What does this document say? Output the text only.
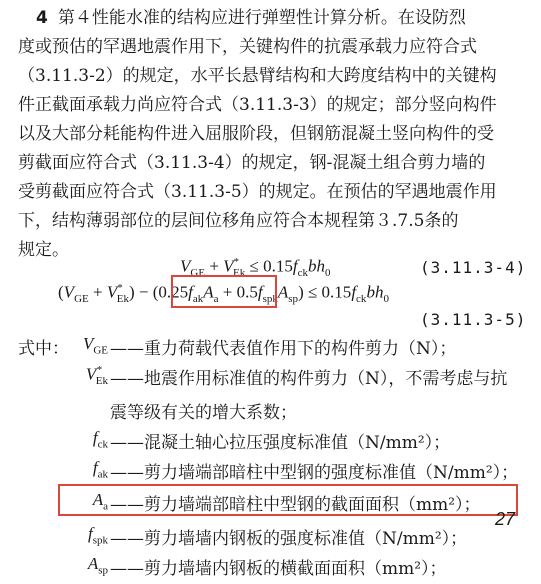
4 第４性能水准的结构应进行弹塑性计算分析。在设防烈
度或预估的罕遇地震作用下，关键构件的抗震承载力应符合式
（3.11.3-2）的规定，水平长悬臂结构和大跨度结构中的关键构
件正截面承载力尚应符合式（3.11.3-3）的规定；部分竖向构件
以及大部分耗能构件进入屈服阶段，但钢筋混凝土竖向构件的受
剪截面应符合式（3.11.3-4）的规定，钢-混凝土组合剪力墙的
受剪截面应符合式（3.11.3-5）的规定。在预估的罕遇地震作用
下，结构薄弱部位的层间位移角应符合本规程第３.7.5条的
规定。
$V_{GE} + V^*_{Ek} \le 0.15f_{ck}bh_0$	(3.11.3-4)
$(V_{GE} + V^*_{Ek}) - (0.25f_{ak}A_a + 0.5f_{spk}A_{sp}) \le 0.15f_{ck}bh_0$
(3.11.3-5)
式中： $V_{GE}$ ——重力荷载代表值作用下的构件剪力（N）；
$V^*_{Ek}$ ——地震作用标准值的构件剪力（N），不需考虑与抗
震等级有关的增大系数；
$f_{ck}$ ——混凝土轴心拉压强度标准值（N/mm²）；
$f_{ak}$ ——剪力墙端部暗柱中型钢的强度标准值（N/mm²）；
$A_a$ ——剪力墙端部暗柱中型钢的截面面积（mm²）；
$f_{spk}$ ——剪力墙墙内钢板的强度标准值（N/mm²）；
$A_{sp}$ ——剪力墙墙内钢板的横截面面积（mm²）；
27
